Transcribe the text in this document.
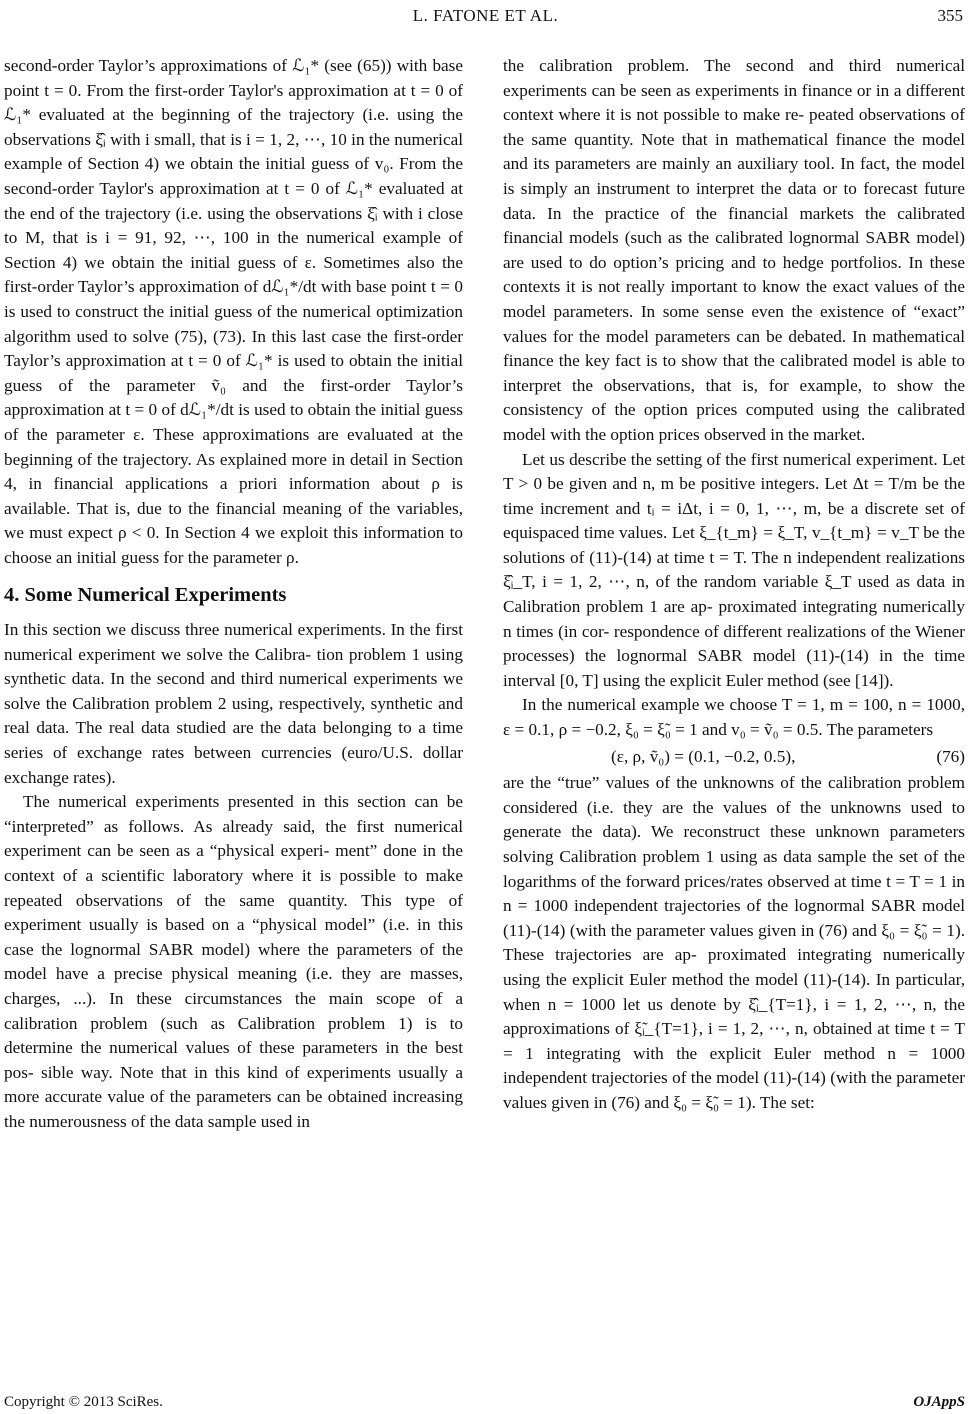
L. FATONE ET AL.	355

second-order Taylor’s approximations of ℒ₁* (see (65)) with base point t = 0. From the first-order Taylor's approximation at t = 0 of ℒ₁* evaluated at the beginning of the trajectory (i.e. using the observations ξ̂ᵢ with i small, that is i = 1, 2, ⋯, 10 in the numerical example of Section 4) we obtain the initial guess of v₀. From the second-order Taylor's approximation at t = 0 of ℒ₁* evaluated at the end of the trajectory (i.e. using the observations ξ̂ᵢ with i close to M, that is i = 91, 92, ⋯, 100 in the numerical example of Section 4) we obtain the initial guess of ε. Sometimes also the first-order Taylor’s approximation of dℒ₁*/dt with base point t = 0 is used to construct the initial guess of the numerical optimization algorithm used to solve (75), (73). In this last case the first-order Taylor’s approximation at t = 0 of ℒ₁* is used to obtain the initial guess of the parameter ṽ₀ and the first-order Taylor’s approximation at t = 0 of dℒ₁*/dt is used to obtain the initial guess of the parameter ε. These approximations are evaluated at the beginning of the trajectory. As explained more in detail in Section 4, in financial applications a priori information about ρ is available. That is, due to the financial meaning of the variables, we must expect ρ < 0. In Section 4 we exploit this information to choose an initial guess for the parameter ρ.

4. Some Numerical Experiments

In this section we discuss three numerical experiments. In the first numerical experiment we solve the Calibra- tion problem 1 using synthetic data. In the second and third numerical experiments we solve the Calibration problem 2 using, respectively, synthetic and real data. The real data studied are the data belonging to a time series of exchange rates between currencies (euro/U.S. dollar exchange rates).

The numerical experiments presented in this section can be “interpreted” as follows. As already said, the first numerical experiment can be seen as a “physical experi- ment” done in the context of a scientific laboratory where it is possible to make repeated observations of the same quantity. This type of experiment usually is based on a “physical model” (i.e. in this case the lognormal SABR model) where the parameters of the model have a precise physical meaning (i.e. they are masses, charges, ...). In these circumstances the main scope of a calibration problem (such as Calibration problem 1) is to determine the numerical values of these parameters in the best pos- sible way. Note that in this kind of experiments usually a more accurate value of the parameters can be obtained increasing the numerousness of the data sample used in

the calibration problem. The second and third numerical experiments can be seen as experiments in finance or in a different context where it is not possible to make re- peated observations of the same quantity. Note that in mathematical finance the model and its parameters are mainly an auxiliary tool. In fact, the model is simply an instrument to interpret the data or to forecast future data. In the practice of the financial markets the calibrated financial models (such as the calibrated lognormal SABR model) are used to do option’s pricing and to hedge portfolios. In these contexts it is not really important to know the exact values of the model parameters. In some sense even the existence of “exact” values for the model parameters can be debated. In mathematical finance the key fact is to show that the calibrated model is able to interpret the observations, that is, for example, to show the consistency of the option prices computed using the calibrated model with the option prices observed in the market.

Let us describe the setting of the first numerical experiment. Let T > 0 be given and n, m be positive integers. Let Δt = T/m be the time increment and tᵢ = iΔt, i = 0, 1, ⋯, m, be a discrete set of equispaced time values. Let ξ_{t_m} = ξ_T, v_{t_m} = v_T be the solutions of (11)-(14) at time t = T. The n independent realizations ξ̂ᵢ_T, i = 1, 2, ⋯, n, of the random variable ξ_T used as data in Calibration problem 1 are ap- proximated integrating numerically n times (in cor- respondence of different realizations of the Wiener processes) the lognormal SABR model (11)-(14) in the time interval [0, T] using the explicit Euler method (see [14]).

In the numerical example we choose T = 1, m = 100, n = 1000, ε = 0.1, ρ = −0.2, ξ₀ = ξ̃₀ = 1 and v₀ = ṽ₀ = 0.5. The parameters

(ε, ρ, ṽ₀) = (0.1, −0.2, 0.5),	(76)

are the “true” values of the unknowns of the calibration problem considered (i.e. they are the values of the unknowns used to generate the data). We reconstruct these unknown parameters solving Calibration problem 1 using as data sample the set of the logarithms of the forward prices/rates observed at time t = T = 1 in n = 1000 independent trajectories of the lognormal SABR model (11)-(14) (with the parameter values given in (76) and ξ₀ = ξ̃₀ = 1). These trajectories are ap- proximated integrating numerically using the explicit Euler method the model (11)-(14). In particular, when n = 1000 let us denote by ξ̂ᵢ_{T=1}, i = 1, 2, ⋯, n, the approximations of ξ̃ᵢ_{T=1}, i = 1, 2, ⋯, n, obtained at time t = T = 1 integrating with the explicit Euler method n = 1000 independent trajectories of the model (11)-(14) (with the parameter values given in (76) and ξ₀ = ξ̃₀ = 1). The set:

Copyright © 2013 SciRes.	OJAppS
